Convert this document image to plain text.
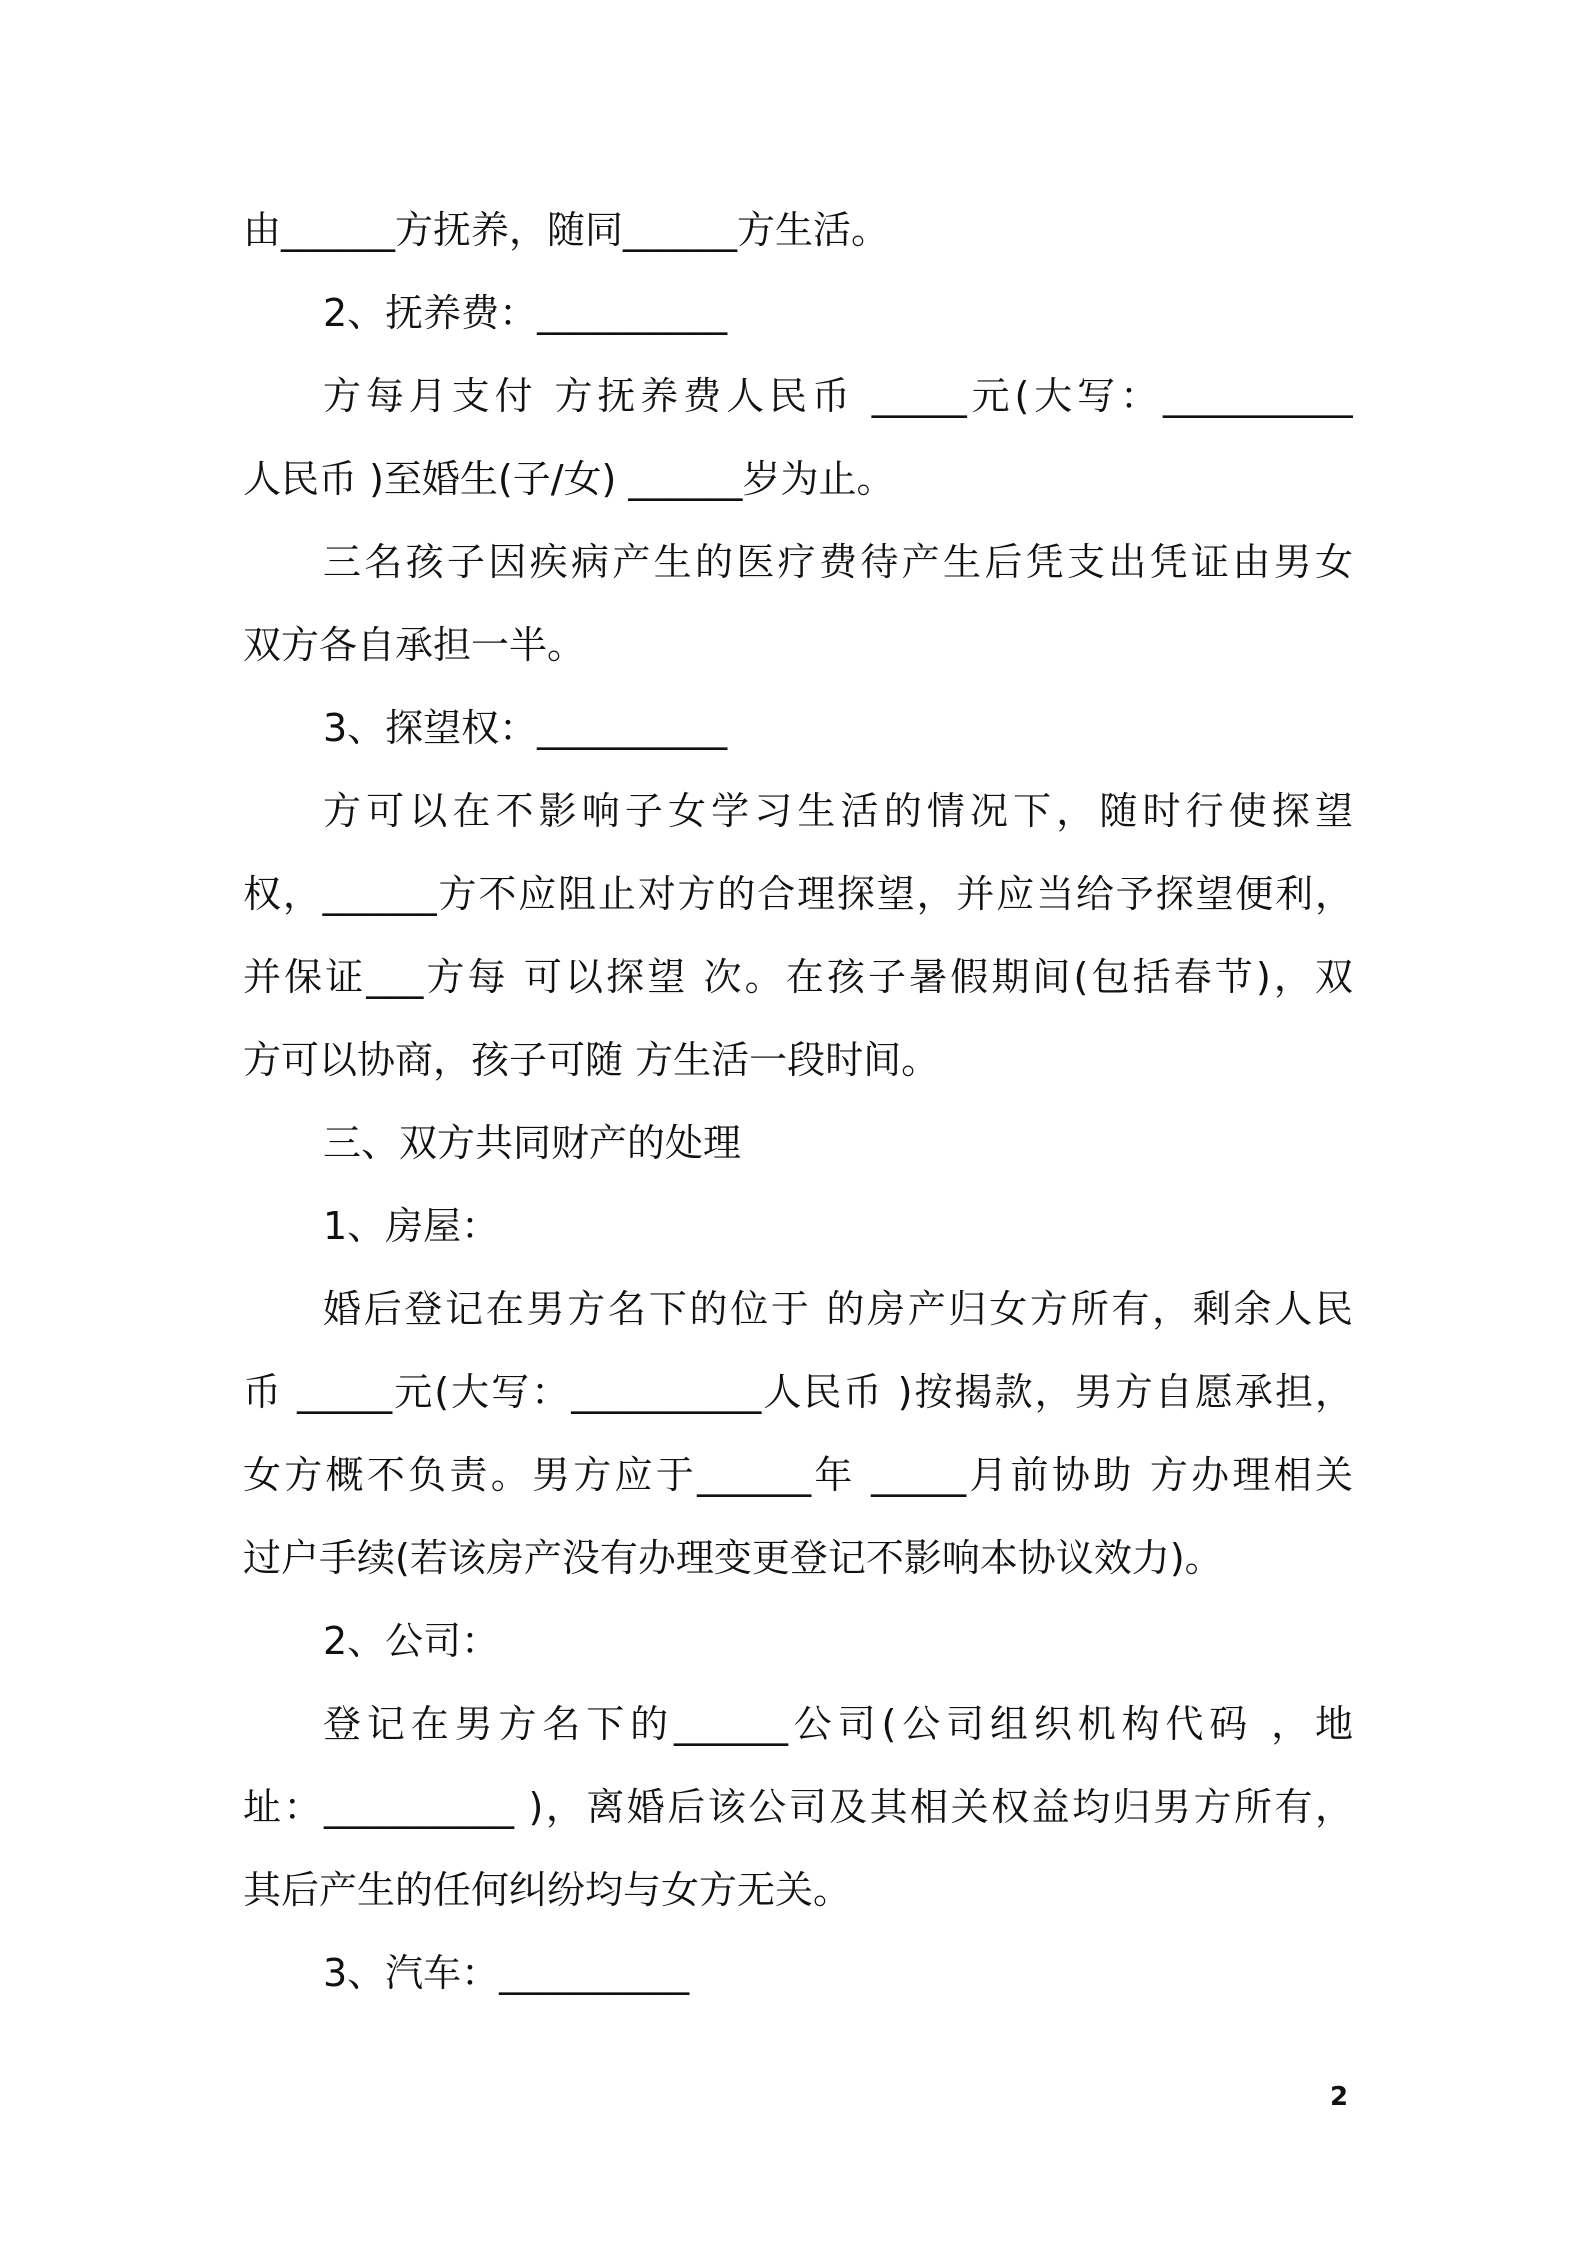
由______方抚养，随同______方生活。
2、抚养费：__________
方每月支付 方抚养费人民币 _____元(大写：__________
人民币 )至婚生(子/女) ______岁为止。
三名孩子因疾病产生的医疗费待产生后凭支出凭证由男女
双方各自承担一半。
3、探望权：__________
方可以在不影响子女学习生活的情况下，随时行使探望
权，______方不应阻止对方的合理探望，并应当给予探望便利，
并保证___方每 可以探望 次。在孩子暑假期间(包括春节)，双
方可以协商，孩子可随 方生活一段时间。
三、双方共同财产的处理
1、房屋：
婚后登记在男方名下的位于 的房产归女方所有，剩余人民
币 _____元(大写：__________人民币 )按揭款，男方自愿承担，
女方概不负责。男方应于______年 _____月前协助 方办理相关
过户手续(若该房产没有办理变更登记不影响本协议效力)。
2、公司：
登记在男方名下的______公司(公司组织机构代码 ，地
址：__________ )，离婚后该公司及其相关权益均归男方所有，
其后产生的任何纠纷均与女方无关。
3、汽车：__________
2
